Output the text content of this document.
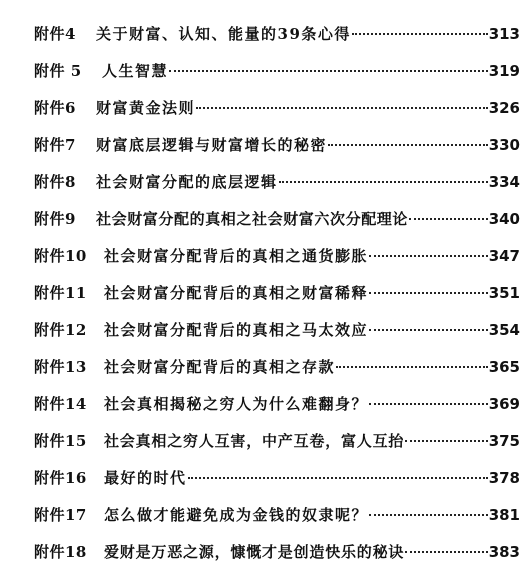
附件4	关于财富、认知、能量的39条心得	313
附件 5	人生智慧	319
附件6	财富黄金法则	326
附件7	财富底层逻辑与财富增长的秘密	330
附件8	社会财富分配的底层逻辑	334
附件9	社会财富分配的真相之社会财富六次分配理论	340
附件10	社会财富分配背后的真相之通货膨胀	347
附件11	社会财富分配背后的真相之财富稀释	351
附件12	社会财富分配背后的真相之马太效应	354
附件13	社会财富分配背后的真相之存款	365
附件14	社会真相揭秘之穷人为什么难翻身？	369
附件15	社会真相之穷人互害，中产互卷，富人互抬	375
附件16	最好的时代	378
附件17	怎么做才能避免成为金钱的奴隶呢？	381
附件18	爱财是万恶之源，慷慨才是创造快乐的秘诀	383
